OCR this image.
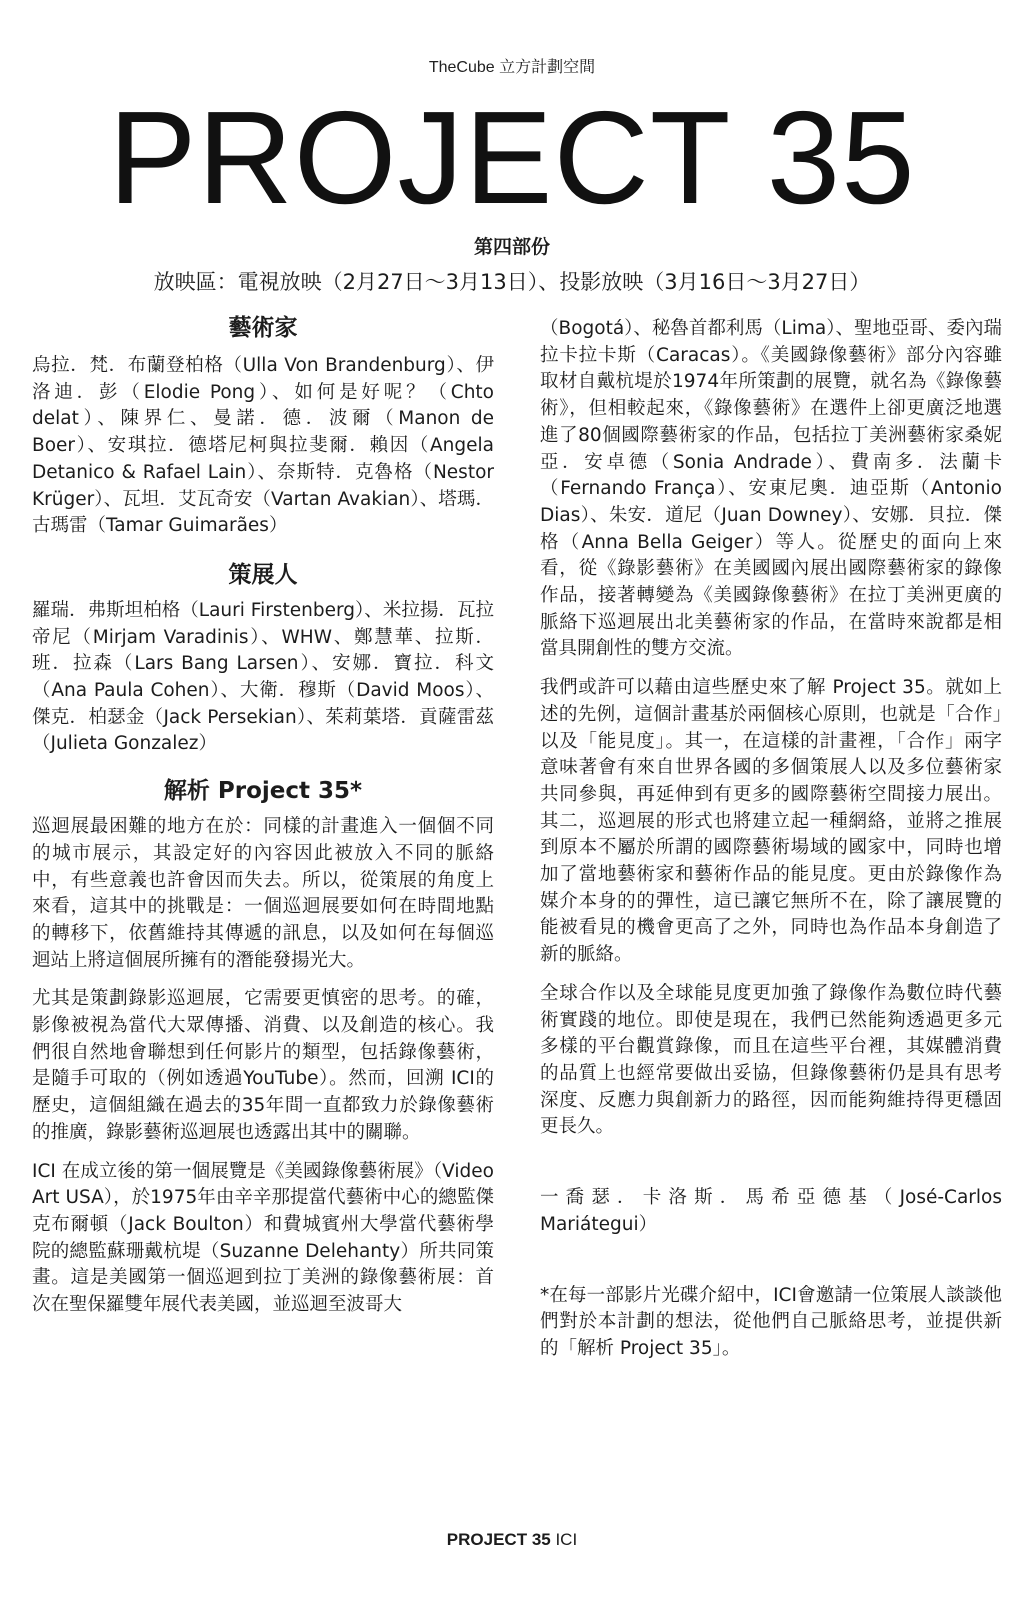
TheCube 立方計劃空間
PROJECT 35
第四部份
放映區：電視放映（2月27日～3月13日）、投影放映（3月16日～3月27日）
藝術家

烏拉．梵．布蘭登柏格（Ulla Von Brandenburg）、伊洛迪．彭（Elodie Pong）、如何是好呢？（Chto delat）、陳界仁、曼諾．德．波爾（Manon de Boer）、安琪拉．德塔尼柯與拉斐爾．賴因（Angela Detanico & Rafael Lain）、奈斯特．克魯格（Nestor Krüger）、瓦坦．艾瓦奇安（Vartan Avakian）、塔瑪．古瑪雷（Tamar Guimarães）

策展人

羅瑞．弗斯坦柏格（Lauri Firstenberg）、米拉揚．瓦拉帝尼（Mirjam Varadinis）、WHW、鄭慧華、拉斯．班．拉森（Lars Bang Larsen）、安娜．寶拉．科文（Ana Paula Cohen）、大衛．穆斯（David Moos）、傑克．柏瑟金（Jack Persekian）、茱莉葉塔．貢薩雷茲（Julieta Gonzalez）

解析 Project 35*

巡迴展最困難的地方在於：同樣的計畫進入一個個不同的城市展示，其設定好的內容因此被放入不同的脈絡中，有些意義也許會因而失去。所以，從策展的角度上來看，這其中的挑戰是：一個巡迴展要如何在時間地點的轉移下，依舊維持其傳遞的訊息，以及如何在每個巡迴站上將這個展所擁有的潛能發揚光大。

尤其是策劃錄影巡迴展，它需要更慎密的思考。的確，影像被視為當代大眾傳播、消費、以及創造的核心。我們很自然地會聯想到任何影片的類型，包括錄像藝術，是隨手可取的（例如透過YouTube）。然而，回溯 ICI的歷史，這個組織在過去的35年間一直都致力於錄像藝術的推廣，錄影藝術巡迴展也透露出其中的關聯。

ICI 在成立後的第一個展覽是《美國錄像藝術展》（Video Art USA），於1975年由辛辛那提當代藝術中心的總監傑克布爾頓（Jack Boulton）和費城賓州大學當代藝術學院的總監蘇珊戴杭堤（Suzanne Delehanty）所共同策畫。這是美國第一個巡迴到拉丁美洲的錄像藝術展：首次在聖保羅雙年展代表美國，並巡迴至波哥大

（Bogotá）、秘魯首都利馬（Lima）、聖地亞哥、委內瑞拉卡拉卡斯（Caracas）。《美國錄像藝術》部分內容雖取材自戴杭堤於1974年所策劃的展覽，就名為《錄像藝術》，但相較起來，《錄像藝術》在選件上卻更廣泛地選進了80個國際藝術家的作品，包括拉丁美洲藝術家桑妮亞．安卓德（Sonia Andrade）、費南多．法蘭卡（Fernando França）、安東尼奧．迪亞斯（Antonio Dias）、朱安．道尼（Juan Downey）、安娜．貝拉．傑格（Anna Bella Geiger）等人。從歷史的面向上來看，從《錄影藝術》在美國國內展出國際藝術家的錄像作品，接著轉變為《美國錄像藝術》在拉丁美洲更廣的脈絡下巡迴展出北美藝術家的作品，在當時來說都是相當具開創性的雙方交流。

我們或許可以藉由這些歷史來了解 Project 35。就如上述的先例，這個計畫基於兩個核心原則，也就是「合作」以及「能見度」。其一，在這樣的計畫裡，「合作」兩字意味著會有來自世界各國的多個策展人以及多位藝術家共同參與，再延伸到有更多的國際藝術空間接力展出。其二，巡迴展的形式也將建立起一種網絡，並將之推展到原本不屬於所謂的國際藝術場域的國家中，同時也增加了當地藝術家和藝術作品的能見度。更由於錄像作為媒介本身的的彈性，這已讓它無所不在，除了讓展覽的能被看見的機會更高了之外，同時也為作品本身創造了新的脈絡。

全球合作以及全球能見度更加強了錄像作為數位時代藝術實踐的地位。即使是現在，我們已然能夠透過更多元多樣的平台觀賞錄像，而且在這些平台裡，其媒體消費的品質上也經常要做出妥協，但錄像藝術仍是具有思考深度、反應力與創新力的路徑，因而能夠維持得更穩固更長久。

一喬瑟．卡洛斯．馬希亞德基（José-Carlos Mariátegui）

*在每一部影片光碟介紹中，ICI會邀請一位策展人談談他們對於本計劃的想法，從他們自己脈絡思考，並提供新的「解析 Project 35」。

PROJECT 35 ICI
